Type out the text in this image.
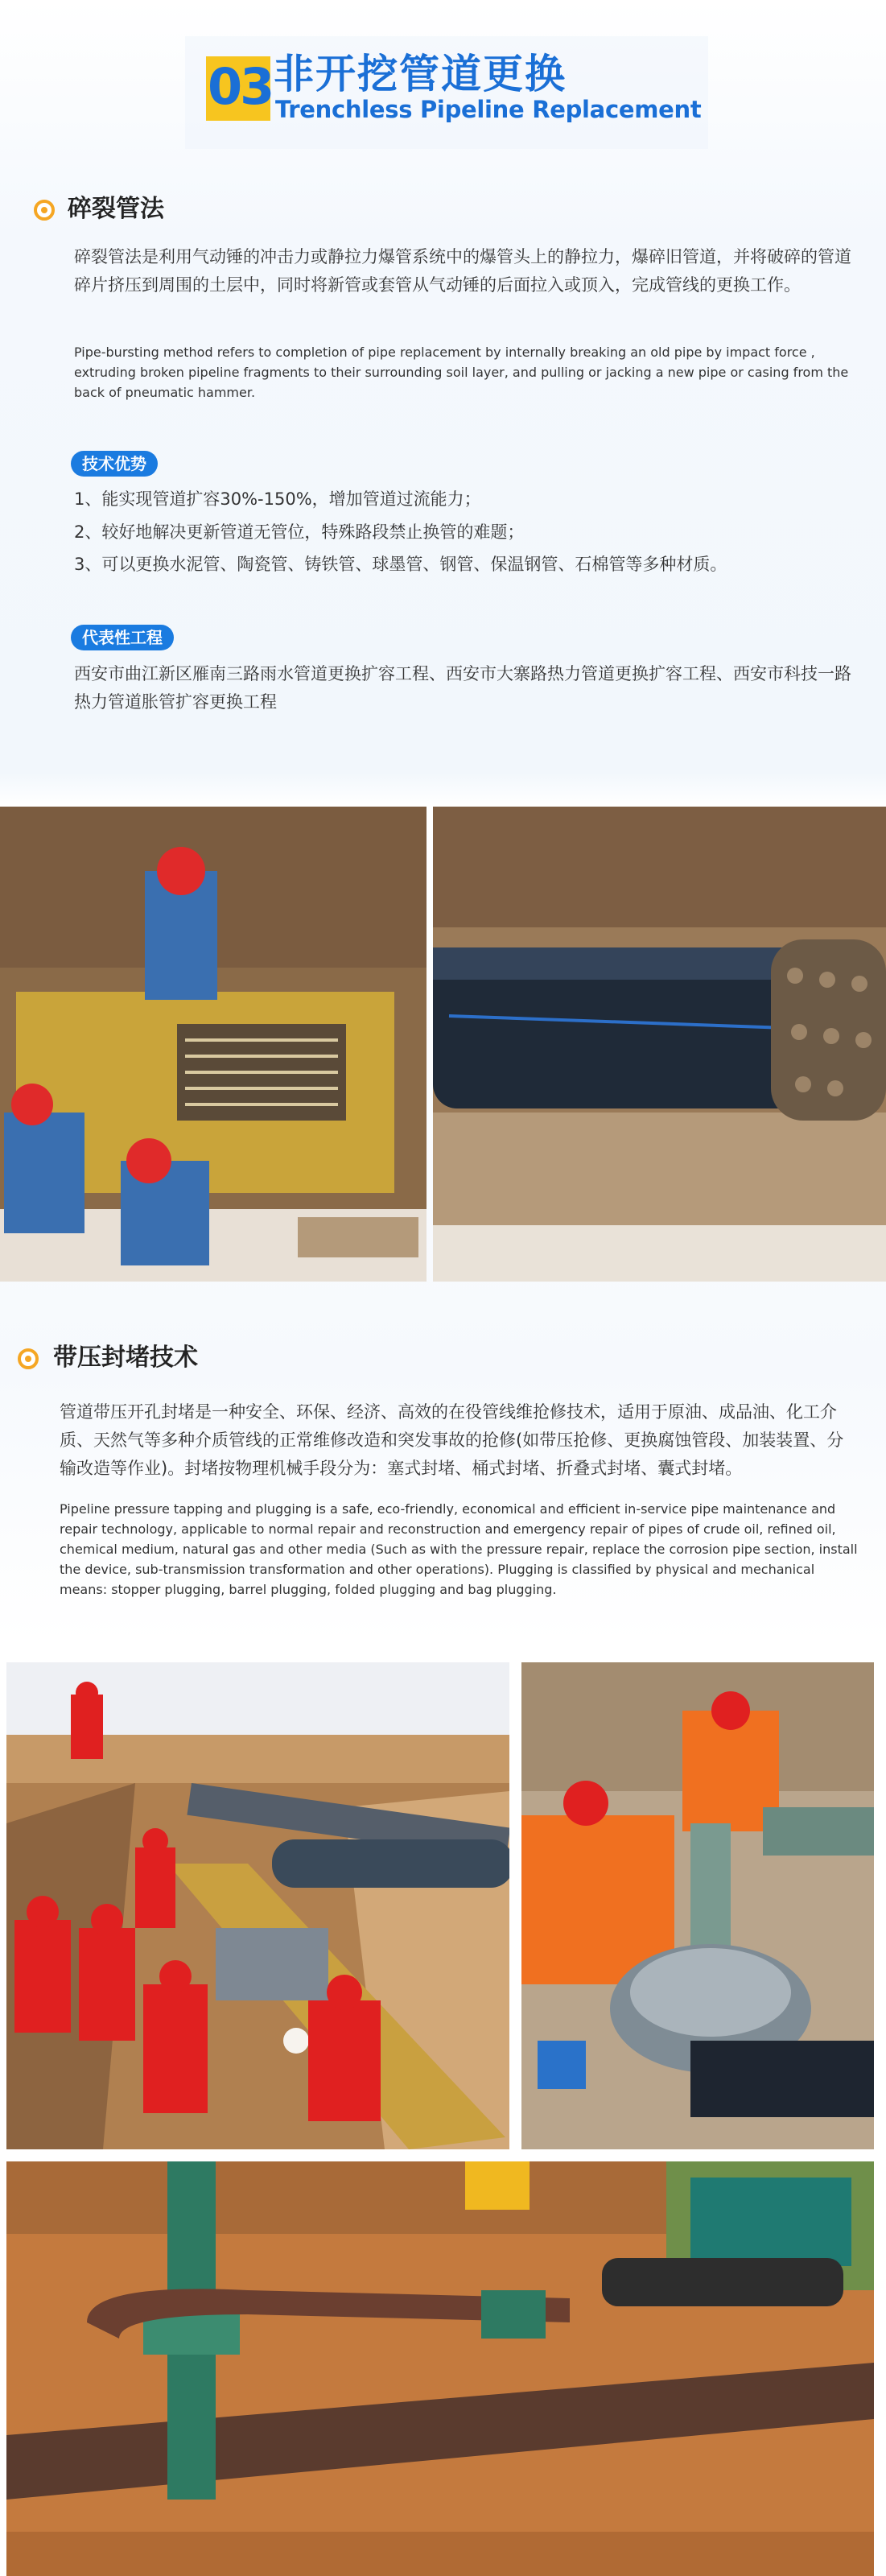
03 非开挖管道更换
Trenchless Pipeline Replacement
碎裂管法

碎裂管法是利用气动锤的冲击力或静拉力爆管系统中的爆管头上的静拉力，爆碎旧管道，并将破碎的管道碎片挤压到周围的土层中，同时将新管或套管从气动锤的后面拉入或顶入，完成管线的更换工作。

Pipe-bursting method refers to completion of pipe replacement by internally breaking an old pipe by impact force , extruding broken pipeline fragments to their surrounding soil layer, and pulling or jacking a new pipe or casing from the back of pneumatic hammer.

技术优势
1、能实现管道扩容30%-150%，增加管道过流能力；
2、较好地解决更新管道无管位，特殊路段禁止换管的难题；
3、可以更换水泥管、陶瓷管、铸铁管、球墨管、钢管、保温钢管、石棉管等多种材质。
代表性工程

西安市曲江新区雁南三路雨水管道更换扩容工程、西安市大寨路热力管道更换扩容工程、西安市科技一路热力管道胀管扩容更换工程

带压封堵技术

管道带压开孔封堵是一种安全、环保、经济、高效的在役管线维抢修技术，适用于原油、成品油、化工介质、天然气等多种介质管线的正常维修改造和突发事故的抢修(如带压抢修、更换腐蚀管段、加装装置、分输改造等作业)。封堵按物理机械手段分为：塞式封堵、桶式封堵、折叠式封堵、囊式封堵。

Pipeline pressure tapping and plugging is a safe, eco-friendly, economical and efficient in-service pipe maintenance and repair technology, applicable to normal repair and reconstruction and emergency repair of pipes of crude oil, refined oil, chemical medium, natural gas and other media (Such as with the pressure repair, replace the corrosion pipe section, install the device, sub-transmission transformation and other operations). Plugging is classified by physical and mechanical means: stopper plugging, barrel plugging, folded plugging and bag plugging.
